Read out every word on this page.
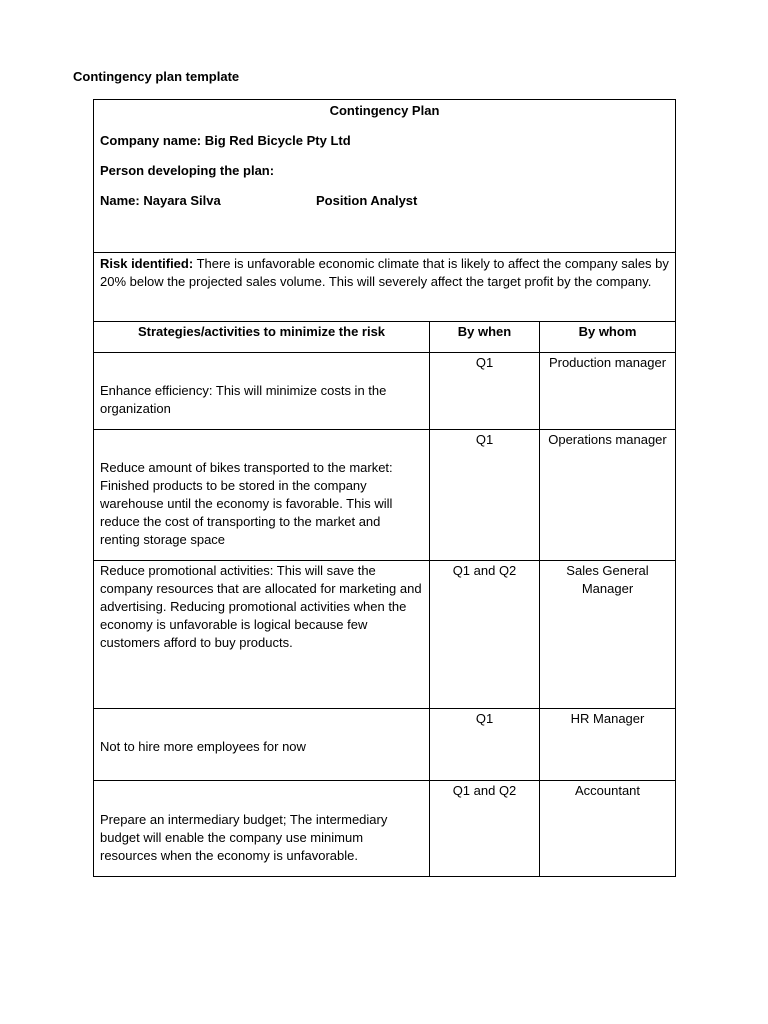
Contingency plan template
Contingency Plan
Company name: Big Red Bicycle Pty Ltd
Person developing the plan:
Name: Nayara Silva Position Analyst		

Risk identified: There is unfavorable economic climate that is likely to affect the company sales by 20% below the projected sales volume. This will severely affect the target profit by the company.		
Strategies/activities to minimize the risk	By when	By whom

Enhance efficiency: This will minimize costs in the organization	Q1	Production manager

Reduce amount of bikes transported to the market: Finished products to be stored in the company warehouse until the economy is favorable. This will reduce the cost of transporting to the market and renting storage space	Q1	Operations manager

Reduce promotional activities: This will save the company resources that are allocated for marketing and advertising. Reducing promotional activities when the economy is unfavorable is logical because few customers afford to buy products.	Q1 and Q2	Sales General Manager

Not to hire more employees for now	Q1	HR Manager

Prepare an intermediary budget; The intermediary budget will enable the company use minimum resources when the economy is unfavorable.	Q1 and Q2	Accountant
